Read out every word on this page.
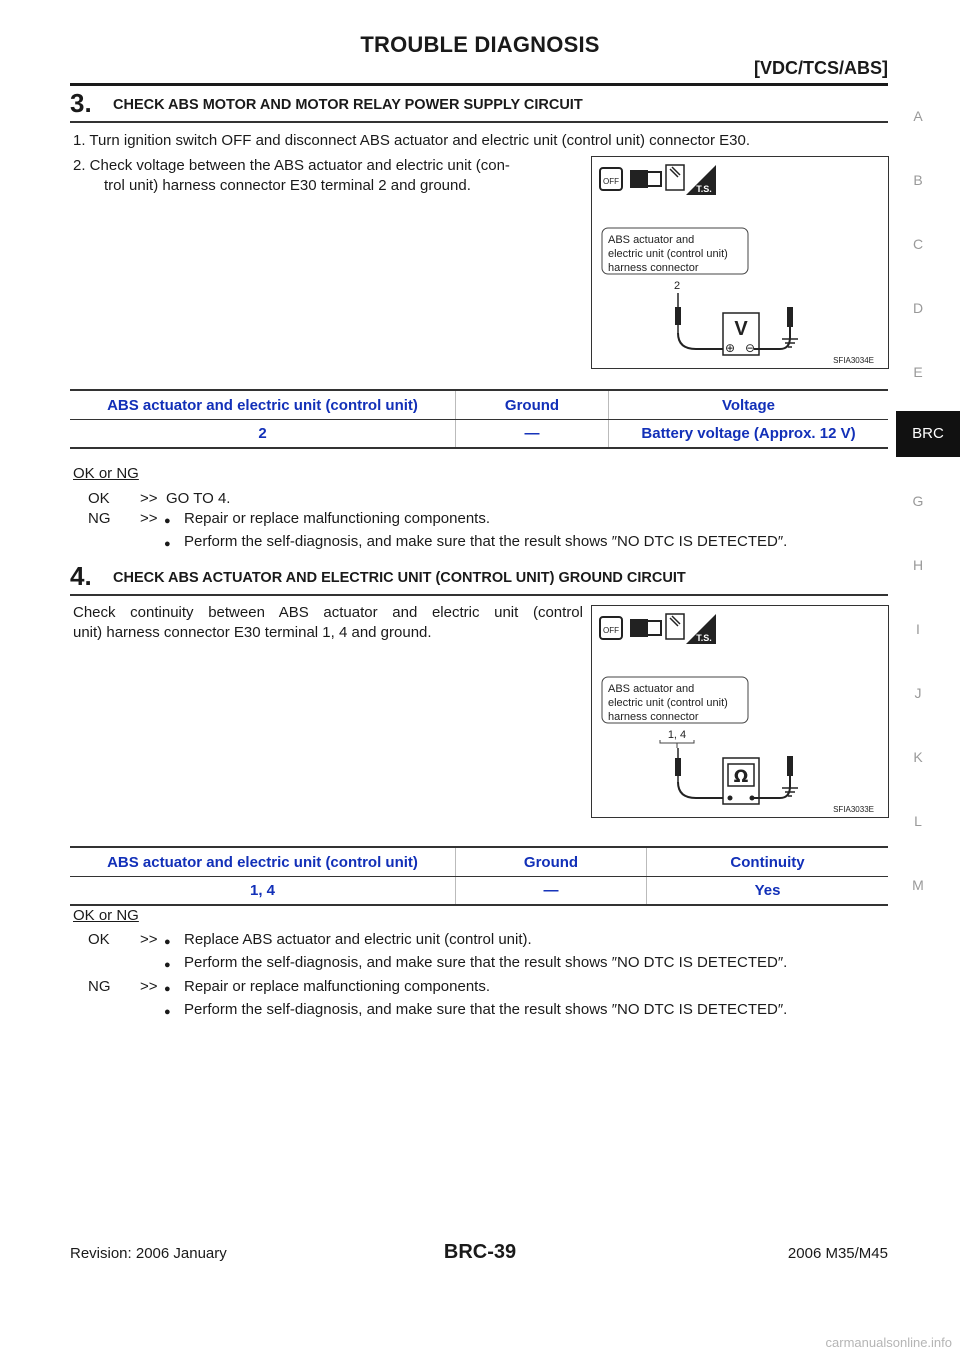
TROUBLE DIAGNOSIS
[VDC/TCS/ABS]
A
B
C
D
E
BRC
G
H
I
J
K
L
M
3. CHECK ABS MOTOR AND MOTOR RELAY POWER SUPPLY CIRCUIT
1. Turn ignition switch OFF and disconnect ABS actuator and electric unit (control unit) connector E30.
2. Check voltage between the ABS actuator and electric unit (con-
trol unit) harness connector E30 terminal 2 and ground.	OFF
T.S.
ABS actuator and
electric unit (control unit)
harness connector
2
V
⊕ ⊖
SFIA3034E
ABS actuator and electric unit (control unit)	Ground	Voltage
2	—	Battery voltage (Approx. 12 V)
OK or NG
OK >> GO TO 4.
NG >> ● Repair or replace malfunctioning components.
● Perform the self-diagnosis, and make sure that the result shows ″NO DTC IS DETECTED″.
4. CHECK ABS ACTUATOR AND ELECTRIC UNIT (CONTROL UNIT) GROUND CIRCUIT
Check continuity between ABS actuator and electric unit (control
unit) harness connector E30 terminal 1, 4 and ground.	OFF
T.S.
ABS actuator and
electric unit (control unit)
harness connector
1, 4
Ω
SFIA3033E
ABS actuator and electric unit (control unit)	Ground	Continuity
1, 4	—	Yes
OK or NG
OK >> ● Replace ABS actuator and electric unit (control unit).
● Perform the self-diagnosis, and make sure that the result shows ″NO DTC IS DETECTED″.
NG >> ● Repair or replace malfunctioning components.
● Perform the self-diagnosis, and make sure that the result shows ″NO DTC IS DETECTED″.
Revision: 2006 January	BRC-39	2006 M35/M45
carmanualsonline.info
